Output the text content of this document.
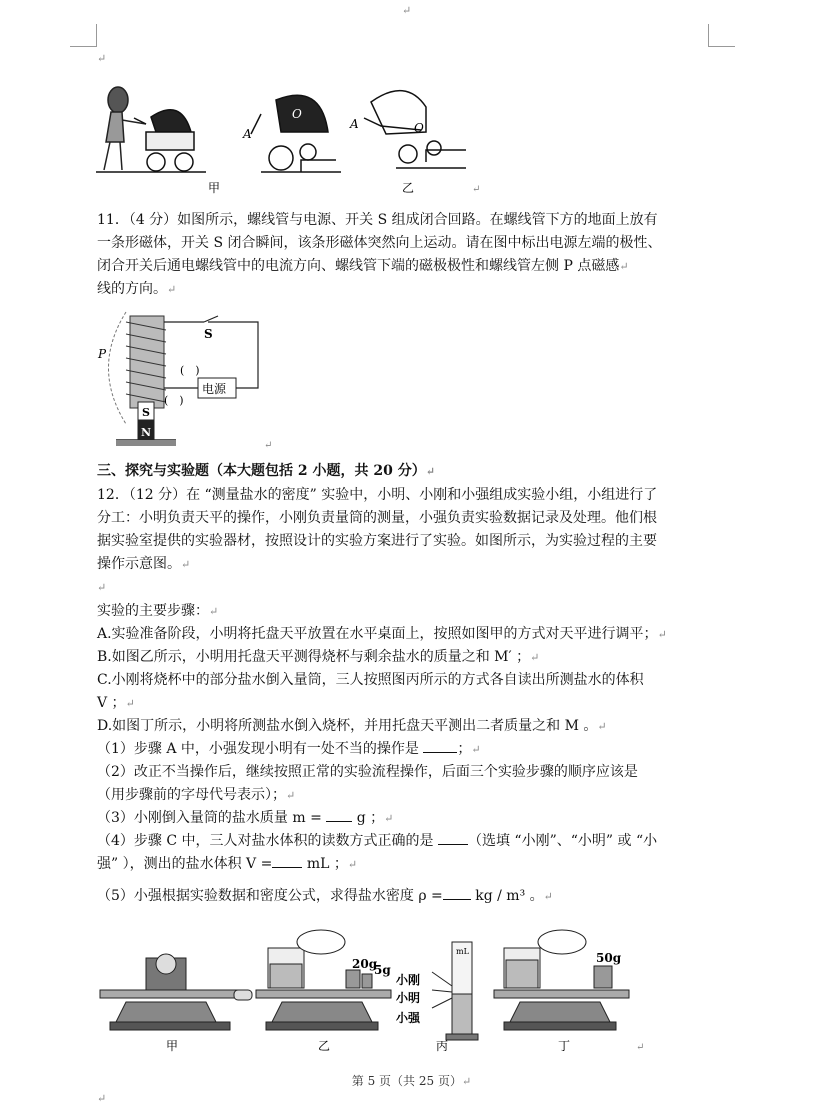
↵
↵
A
O
A	O
甲	乙	↵
11．（4 分）如图所示，螺线管与电源、开关 S 组成闭合回路。在螺线管下方的地面上放有
一条形磁体，开关 S 闭合瞬间，该条形磁体突然向上运动。请在图中标出电源左端的极性、
闭合开关后通电螺线管中的电流方向、螺线管下端的磁极极性和螺线管左侧 P 点磁感↵
线的方向。↵
P
S
电源
(　)
(　)
S
N
↵
三、探究与实验题（本大题包括 2 小题，共 20 分）↵
12．（12 分）在 “测量盐水的密度” 实验中，小明、小刚和小强组成实验小组，小组进行了
分工：小明负责天平的操作，小刚负责量筒的测量，小强负责实验数据记录及处理。他们根
据实验室提供的实验器材，按照设计的实验方案进行了实验。如图所示，为实验过程的主要
操作示意图。↵
↵
实验的主要步骤：↵
A.实验准备阶段，小明将托盘天平放置在水平桌面上，按照如图甲的方式对天平进行调平；↵
B.如图乙所示，小明用托盘天平测得烧杯与剩余盐水的质量之和 M′ ；↵
C.小刚将烧杯中的部分盐水倒入量筒，三人按照图丙所示的方式各自读出所测盐水的体积
V ；↵
D.如图丁所示，小明将所测盐水倒入烧杯，并用托盘天平测出二者质量之和 M 。↵
（1）步骤 A 中，小强发现小明有一处不当的操作是	；↵
（2）改正不当操作后，继续按照正常的实验流程操作，后面三个实验步骤的顺序应该是
（用步骤前的字母代号表示）；↵
（3）小刚倒入量筒的盐水质量 m = g ；↵
（4）步骤 C 中，三人对盐水体积的读数方式正确的是 （选填 “小刚”、“小明” 或 “小
强” ），测出的盐水体积 V = mL ；↵
（5）小强根据实验数据和密度公式，求得盐水密度 ρ = kg / m³ 。↵
甲
20g
5g
乙
mL
小刚
小明
小强
丙
50g
丁	↵
第 5 页（共 25 页）↵
↵
